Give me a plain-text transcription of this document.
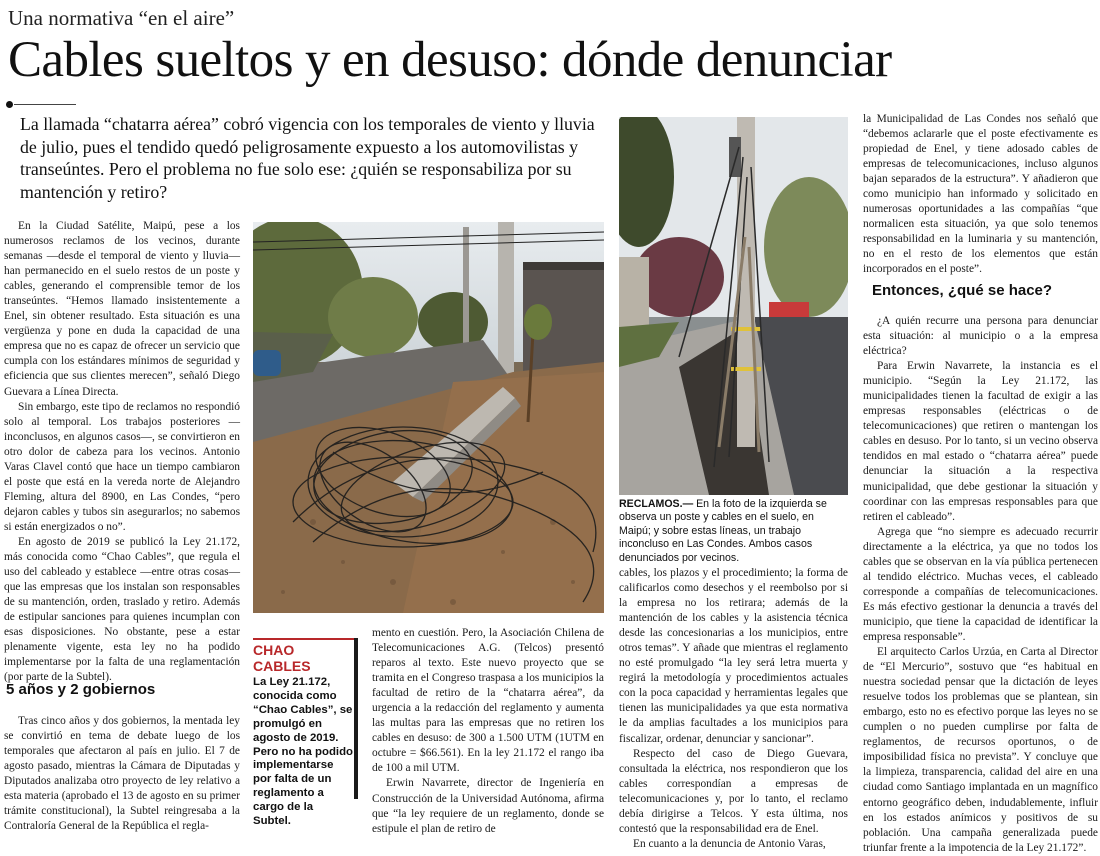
Una normativa “en el aire”
Cables sueltos y en desuso: dónde denunciar
La llamada “chatarra aérea” cobró vigencia con los temporales de viento y lluvia de julio, pues el tendido quedó peligrosamente expuesto a los automovilistas y transeúntes. Pero el problema no fue solo ese: ¿quién se responsabiliza por su mantención y retiro?

En la Ciudad Satélite, Maipú, pese a los numerosos reclamos de los vecinos, durante semanas —desde el temporal de viento y lluvia— han permanecido en el suelo restos de un poste y cables, generando el comprensible temor de los transeúntes. “Hemos llamado insistentemente a Enel, sin obtener resultado. Esta situación es una vergüenza y pone en duda la capacidad de una empresa que no es capaz de ofrecer un servicio que cumpla con los estándares mínimos de seguridad y eficiencia que sus clientes merecen”, señaló Diego Guevara a Línea Directa.

Sin embargo, este tipo de reclamos no respondió solo al temporal. Los trabajos posteriores —inconclusos, en algunos casos—, se convirtieron en otro dolor de cabeza para los vecinos. Antonio Varas Clavel contó que hace un tiempo cambiaron el poste que está en la vereda norte de Alejandro Fleming, altura del 8900, en Las Condes, “pero dejaron cables y tubos sin asegurarlos; no sabemos si están energizados o no”.

En agosto de 2019 se publicó la Ley 21.172, más conocida como “Chao Cables”, que regula el uso del cableado y establece —entre otras cosas— que las empresas que los instalan son responsables de su mantención, orden, traslado y retiro. Además de estipular sanciones para quienes incumplan con esas disposiciones. No obstante, pese a estar plenamente vigente, esta ley no ha podido implementarse por la falta de una reglamentación (por parte de la Subtel).

5 años y 2 gobiernos

Tras cinco años y dos gobiernos, la mentada ley se convirtió en tema de debate luego de los temporales que afectaron al país en julio. El 7 de agosto pasado, mientras la Cámara de Diputadas y Diputados analizaba otro proyecto de ley relativo a esta materia (aprobado el 13 de agosto en su primer trámite constitucional), la Subtel reingresaba a la Contraloría General de la República el regla-

CHAO CABLES
La Ley 21.172, conocida como “Chao Cables”, se promulgó en agosto de 2019. Pero no ha podido implementarse por falta de un reglamento a cargo de la Subtel.

mento en cuestión. Pero, la Asociación Chilena de Telecomunicaciones A.G. (Telcos) presentó reparos al texto. Este nuevo proyecto que se tramita en el Congreso traspasa a los municipios la facultad de retiro de la “chatarra aérea”, da urgencia a la redacción del reglamento y aumenta las multas para las empresas que no retiren los cables en desuso: de 300 a 1.500 UTM (1UTM en octubre = $66.561). En la ley 21.172 el rango iba de 100 a mil UTM.

Erwin Navarrete, director de Ingeniería en Construcción de la Universidad Autónoma, afirma que “la ley requiere de un reglamento, donde se estipule el plan de retiro de

RECLAMOS.— En la foto de la izquierda se observa un poste y cables en el suelo, en Maipú; y sobre estas líneas, un trabajo inconcluso en Las Condes. Ambos casos denunciados por vecinos.

cables, los plazos y el procedimiento; la forma de calificarlos como desechos y el reembolso por si la empresa no los retirara; además de la mantención de los cables y la asistencia técnica desde las concesionarias a los municipios, entre otros temas”. Y añade que mientras el reglamento no esté promulgado “la ley será letra muerta y regirá la metodología y procedimientos actuales con la poca capacidad y herramientas legales que tienen las municipalidades ya que esta normativa le da amplias facultades a los municipios para fiscalizar, ordenar, denunciar y sancionar”.

Respecto del caso de Diego Guevara, consultada la eléctrica, nos respondieron que los cables correspondían a empresas de telecomunicaciones y, por lo tanto, el reclamo debía dirigirse a Telcos. Y esta última, nos contestó que la responsabilidad era de Enel.

En cuanto a la denuncia de Antonio Varas,

la Municipalidad de Las Condes nos señaló que “debemos aclararle que el poste efectivamente es propiedad de Enel, y tiene adosado cables de empresas de telecomunicaciones, incluso algunos bajan separados de la estructura”. Y añadieron que como municipio han informado y solicitado en numerosas oportunidades a las compañías “que normalicen esta situación, ya que solo tenemos responsabilidad en la luminaria y su mantención, no en el resto de los elementos que están incorporados en el poste”.

Entonces, ¿qué se hace?

¿A quién recurre una persona para denunciar esta situación: al municipio o a la empresa eléctrica?

Para Erwin Navarrete, la instancia es el municipio. “Según la Ley 21.172, las municipalidades tienen la facultad de exigir a las empresas responsables (eléctricas o de telecomunicaciones) que retiren o mantengan los cables en desuso. Por lo tanto, si un vecino observa tendidos en mal estado o “chatarra aérea” puede denunciar la situación a la respectiva municipalidad, que debe gestionar la situación y coordinar con las empresas responsables para que retiren el cableado”.

Agrega que “no siempre es adecuado recurrir directamente a la eléctrica, ya que no todos los cables que se observan en la vía pública pertenecen al tendido eléctrico. Muchas veces, el cableado corresponde a compañías de telecomunicaciones. Es más efectivo gestionar la denuncia a través del municipio, que tiene la capacidad de identificar la empresa responsable”.

El arquitecto Carlos Urzúa, en Carta al Director de “El Mercurio”, sostuvo que “es habitual en nuestra sociedad pensar que la dictación de leyes resuelve todos los problemas que se plantean, sin embargo, esto no es efectivo porque las leyes no se cumplen o no pueden cumplirse por falta de reglamentos, de recursos oportunos, o de imposibilidad física no prevista”. Y concluye que la limpieza, transparencia, calidad del aire en una ciudad como Santiago implantada en un magnífico entorno geográfico deben, indudablemente, influir en los estados anímicos y positivos de su población. Una campaña generalizada puede triunfar frente a la impotencia de la Ley 21.172”.
